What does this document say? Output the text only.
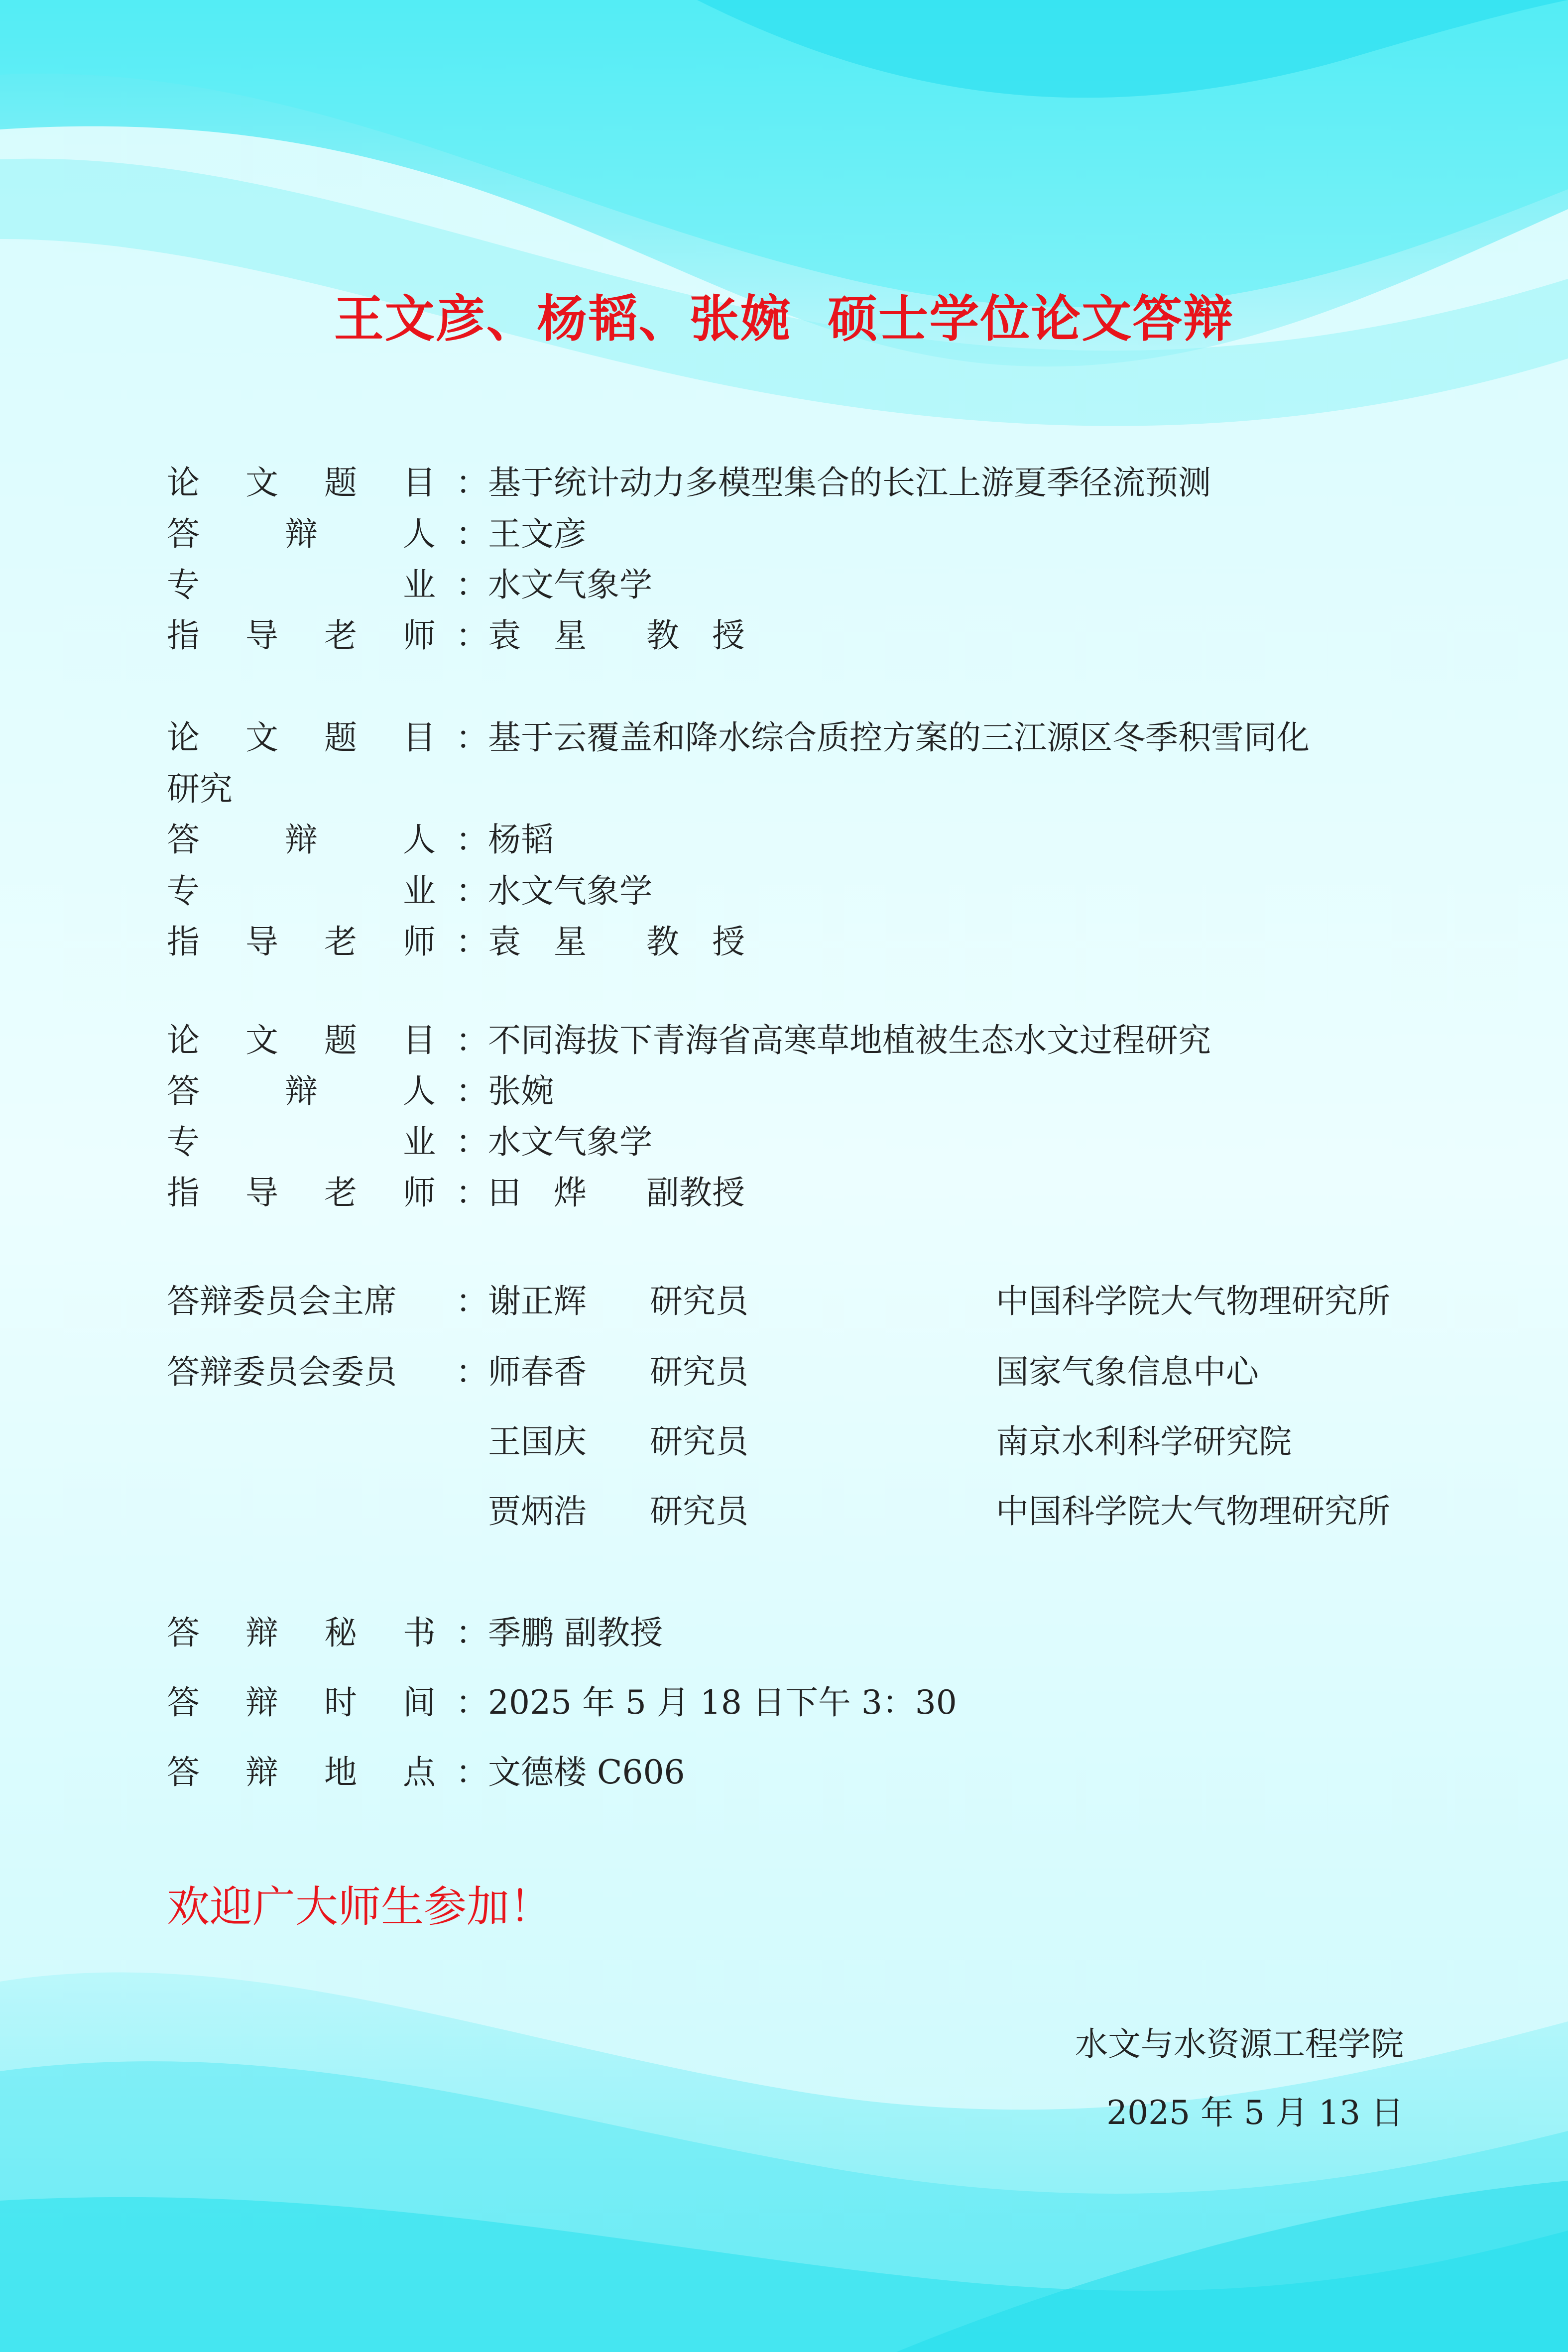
王文彦、杨韬、张婉  硕士学位论文答辩
论 文 题 目 ： 基于统计动力多模型集合的长江上游夏季径流预测
答	辩	人 ： 王文彦
专	业 ： 水文气象学
指 导 老 师 ： 袁 星 教 授
论 文 题 目 ： 基于云覆盖和降水综合质控方案的三江源区冬季积雪同化
研究
答	辩	人 ： 杨韬
专	业 ： 水文气象学
指 导 老 师 ： 袁 星 教 授
论 文 题 目 ： 不同海拔下青海省高寒草地植被生态水文过程研究
答	辩	人 ： 张婉
专	业 ： 水文气象学
指 导 老 师 ： 田 烨 副教授
答辩委员会主席 ： 谢正辉 研究员	中国科学院大气物理研究所
答辩委员会委员 ： 师春香 研究员	国家气象信息中心
王国庆 研究员	南京水利科学研究院
贾炳浩 研究员	中国科学院大气物理研究所
答 辩 秘 书 ： 季鹏 副教授
答 辩 时 间 ： 2025 年 5 月 18 日下午 3：30
答 辩 地 点 ： 文德楼 C606
欢迎广大师生参加！
水文与水资源工程学院
2025 年 5 月 13 日
